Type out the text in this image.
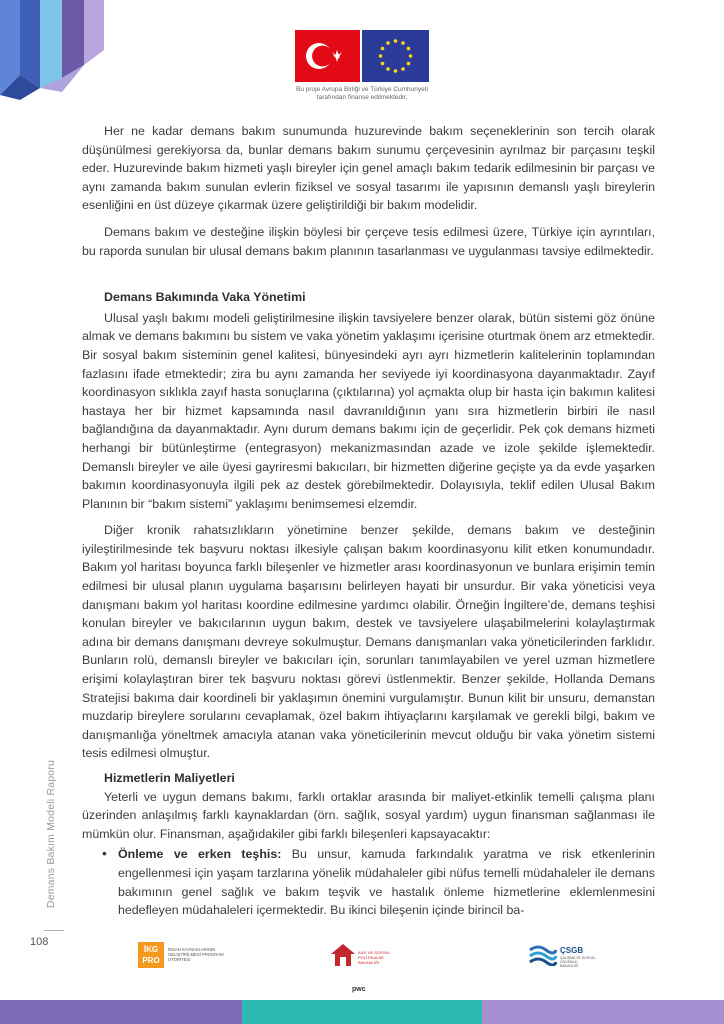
Bu proje Avrupa Birliği ve Türkiye Cumhuriyeti
tarafından finanse edilmektedir.

Her ne kadar demans bakım sunumunda huzurevinde bakım seçeneklerinin son tercih olarak düşünülmesi gerekiyorsa da, bunlar demans bakım sunumu çerçevesinin ayrılmaz bir parçasını teşkil eder. Huzurevinde bakım hizmeti yaşlı bireyler için genel amaçlı bakım tedarik edilmesinin bir parçası ve aynı zamanda bakım sunulan evlerin fiziksel ve sosyal tasarımı ile yapısının demanslı yaşlı bireylerin esenliğini en üst düzeye çıkarmak üzere geliştirildiği bir bakım modelidir.

Demans bakım ve desteğine ilişkin böylesi bir çerçeve tesis edilmesi üzere, Türkiye için ayrıntıları, bu raporda sunulan bir ulusal demans bakım planının tasarlanması ve uygulanması tavsiye edilmektedir.

Demans Bakımında Vaka Yönetimi

Ulusal yaşlı bakımı modeli geliştirilmesine ilişkin tavsiyelere benzer olarak, bütün sistemi göz önüne almak ve demans bakımını bu sistem ve vaka yönetim yaklaşımı içerisine oturtmak önem arz etmektedir. Bir sosyal bakım sisteminin genel kalitesi, bünyesindeki ayrı ayrı hizmetlerin kalitelerinin toplamından fazlasını ifade etmektedir; zira bu aynı zamanda her seviyede iyi koordinasyona dayanmaktadır. Zayıf koordinasyon sıklıkla zayıf hasta sonuçlarına (çıktılarına) yol açmakta olup bir hasta için bakımın kalitesi hastaya her bir hizmet kapsamında nasıl davranıldığının yanı sıra hizmetlerin birbiri ile nasıl bağlandığına da dayanmaktadır. Aynı durum demans bakımı için de geçerlidir. Pek çok demans hizmeti herhangi bir bütünleştirme (entegrasyon) mekanizmasından azade ve izole şekilde işlemektedir. Demanslı bireyler ve aile üyesi gayriresmi bakıcıları, bir hizmetten diğerine geçişte ya da evde yaşarken bakımın koordinasyonuyla ilgili pek az destek görebilmektedir. Dolayısıyla, teklif edilen Ulusal Bakım Planının bir “bakım sistemi” yaklaşımı benimsemesi elzemdir.

Diğer kronik rahatsızlıkların yönetimine benzer şekilde, demans bakım ve desteğinin iyileştirilmesinde tek başvuru noktası ilkesiyle çalışan bakım koordinasyonu kilit etken konumundadır. Bakım yol haritası boyunca farklı bileşenler ve hizmetler arası koordinasyonun ve bunlara erişimin temin edilmesi bir ulusal planın uygulama başarısını belirleyen hayati bir unsurdur. Bir vaka yöneticisi veya danışmanı bakım yol haritası koordine edilmesine yardımcı olabilir. Örneğin İngiltere’de, demans teşhisi konulan bireyler ve bakıcılarının uygun bakım, destek ve tavsiyelere ulaşabilmelerini kolaylaştırmak adına bir demans danışmanı devreye sokulmuştur. Demans danışmanları vaka yöneticilerinden farklıdır. Bunların rolü, demanslı bireyler ve bakıcıları için, sorunları tanımlayabilen ve yerel uzman hizmetlere erişimi kolaylaştıran birer tek başvuru noktası görevi üstlenmektir. Benzer şekilde, Hollanda Demans Stratejisi bakıma dair koordineli bir yaklaşımın önemini vurgulamıştır. Bunun kilit bir unsuru, demanstan muzdarip bireylere sorularını cevaplamak, özel bakım ihtiyaçlarını karşılamak ve gerekli bilgi, bakım ve danışmanlığa yöneltmek amacıyla atanan vaka yöneticilerinin mevcut olduğu bir vaka yönetim sistemi tesis edilmesi olmuştur.

Hizmetlerin Maliyetleri

Yeterli ve uygun demans bakımı, farklı ortaklar arasında bir maliyet-etkinlik temelli çalışma planı üzerinden anlaşılmış farklı kaynaklardan (örn. sağlık, sosyal yardım) uygun finansman sağlanması ile mümkün olur. Finansman, aşağıdakiler gibi farklı bileşenleri kapsayacaktır:

• Önleme ve erken teşhis: Bu unsur, kamuda farkındalık yaratma ve risk etkenlerinin engellenmesi için yaşam tarzlarına yönelik müdahaleler gibi nüfus temelli müdahaleler ile demans bakımının genel sağlık ve bakım teşvik ve hastalık önleme hizmetlerine eklemlenmesini hedefleyen müdahaleleri içermektedir. Bu ikinci bileşenin içinde birincil ba-
Demans Bakım Modeli Raporu
108
İKG PRO
İNSAN KAYNAKLARININ GELİŞTİRİLMESİ PROGRAM OTORİTESİ
AİLE VE SOSYAL POLİTİKALAR BAKANLIĞI
pwc
ÇSGB
ÇALIŞMA VE SOSYAL GÜVENLİK BAKANLIĞI
